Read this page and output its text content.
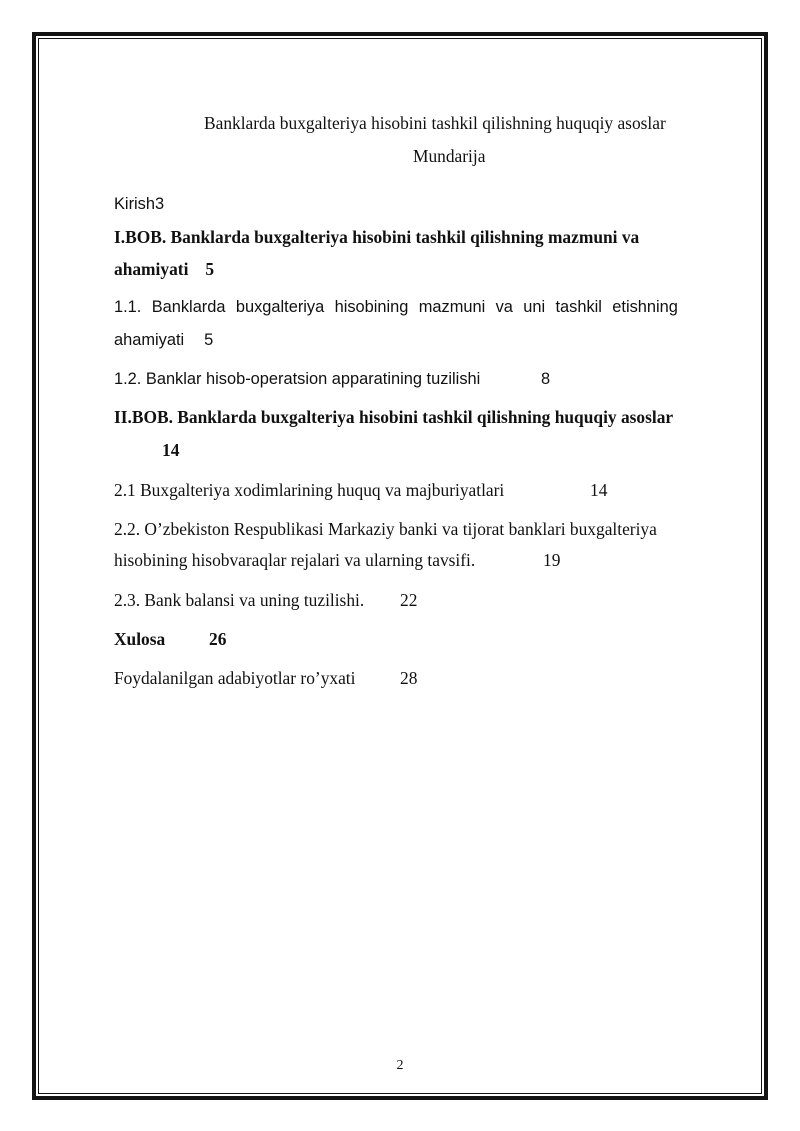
Banklarda buxgalteriya hisobini tashkil qilishning huquqiy asoslar
Mundarija
Kirish3
I.BOB. Banklarda buxgalteriya hisobini tashkil qilishning mazmuni va
ahamiyati 5
1.1. Banklarda buxgalteriya hisobining mazmuni va uni tashkil etishning
ahamiyati 5
1.2. Banklar hisob-operatsion apparatining tuzilishi	8
II.BOB. Banklarda buxgalteriya hisobini tashkil qilishning huquqiy asoslar
14
2.1 Buxgalteriya xodimlarining huquq va majburiyatlari	14
2.2. O’zbekiston Respublikasi Markaziy banki va tijorat banklari buxgalteriya
hisobining hisobvaraqlar rejalari va ularning tavsifi.	19
2.3. Bank balansi va uning tuzilishi. 22
Xulosa	26
Foydalanilgan adabiyotlar ro’yxati	28
2
